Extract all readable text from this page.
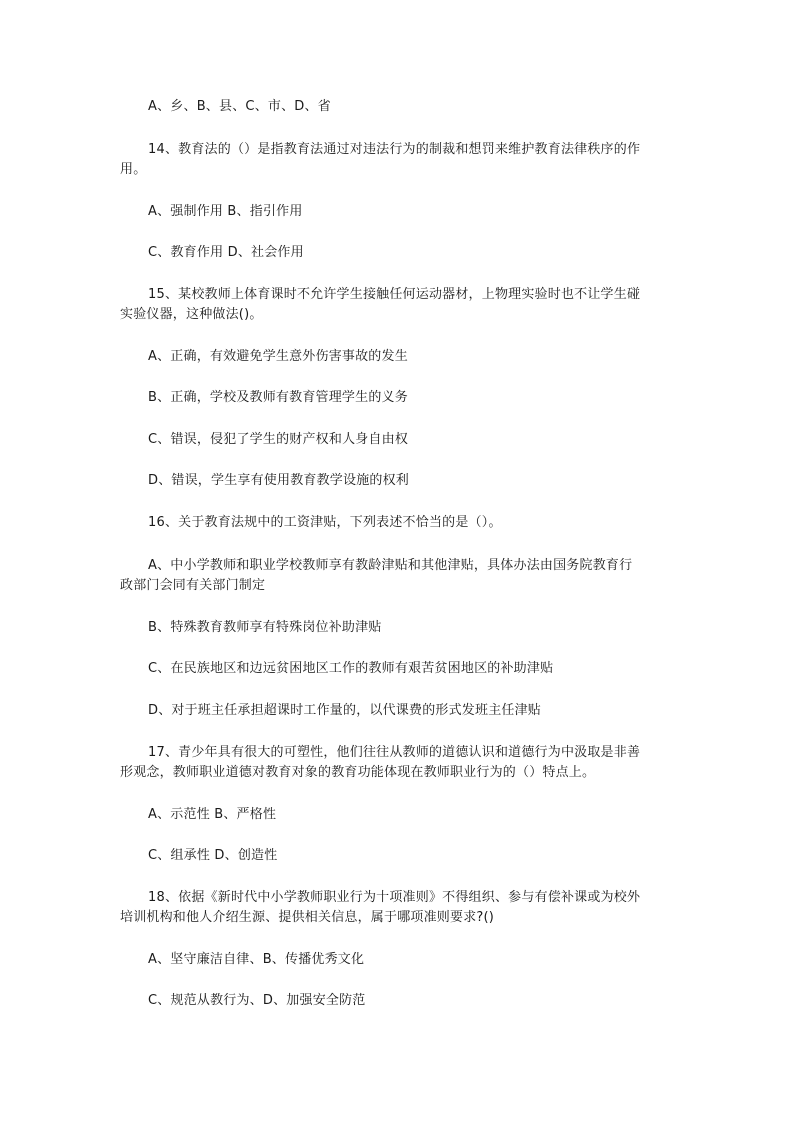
A、乡、B、县、C、市、D、省
14、教育法的（）是指教育法通过对违法行为的制裁和想罚来维护教育法律秩序的作
用。
A、强制作用 B、指引作用
C、教育作用 D、社会作用
15、某校教师上体育课时不允许学生接触任何运动器材，上物理实验时也不让学生碰
实验仪器，这种做法()。
A、正确，有效避免学生意外伤害事故的发生
B、正确，学校及教师有教育管理学生的义务
C、错误，侵犯了学生的财产权和人身自由权
D、错误，学生享有使用教育教学设施的权利
16、关于教育法规中的工资津贴，下列表述不恰当的是（）。
A、中小学教师和职业学校教师享有教龄津贴和其他津贴，具体办法由国务院教育行
政部门会同有关部门制定
B、特殊教育教师享有特殊岗位补助津贴
C、在民族地区和边远贫困地区工作的教师有艰苦贫困地区的补助津贴
D、对于班主任承担超课时工作量的，以代课费的形式发班主任津贴
17、青少年具有很大的可塑性，他们往往从教师的道德认识和道德行为中汲取是非善
形观念，教师职业道德对教育对象的教育功能体现在教师职业行为的（）特点上。
A、示范性 B、严格性
C、组承性 D、创造性
18、依据《新时代中小学教师职业行为十项准则》不得组织、参与有偿补课或为校外
培训机构和他人介绍生源、提供相关信息，属于哪项准则要求?()
A、坚守廉洁自律、B、传播优秀文化
C、规范从教行为、D、加强安全防范
